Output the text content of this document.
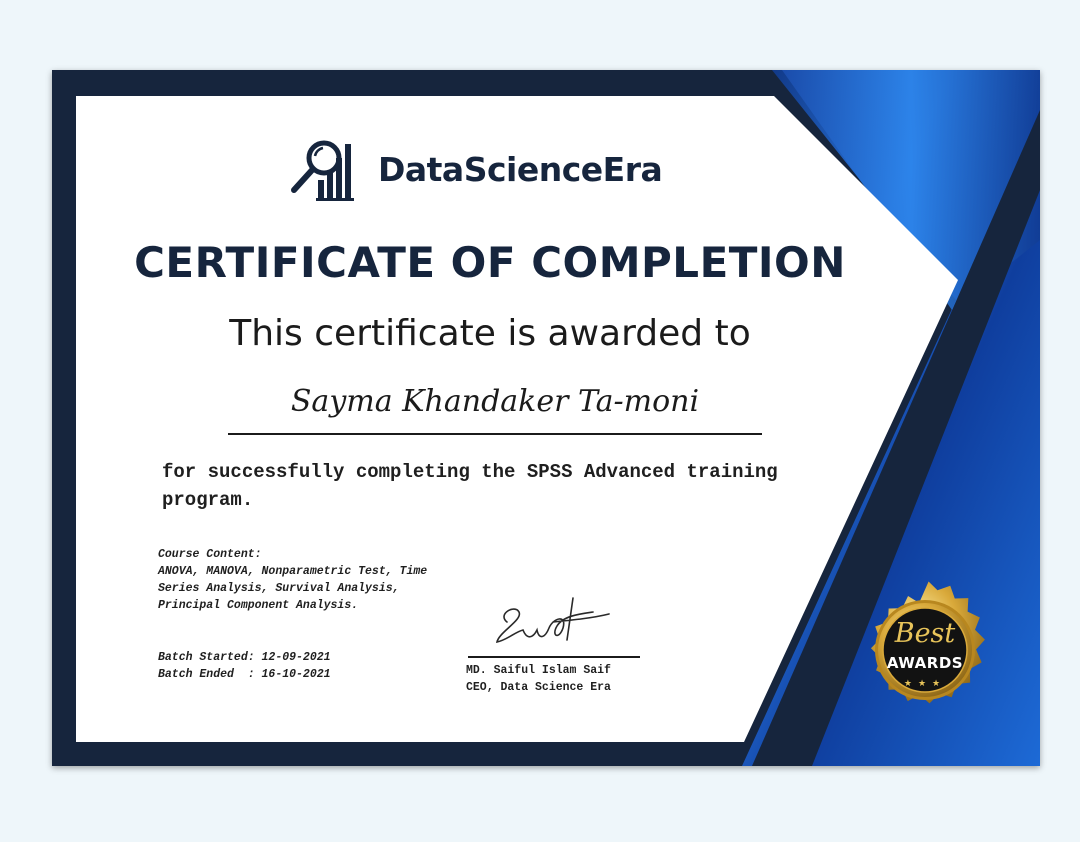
DataScienceEra
CERTIFICATE OF COMPLETION
This certificate is awarded to
Sayma Khandaker Ta-moni
for successfully completing the SPSS Advanced training program.
Course Content:
ANOVA, MANOVA, Nonparametric Test, Time Series Analysis, Survival Analysis, Principal Component Analysis.
Batch Started: 12-09-2021
Batch Ended  : 16-10-2021	MD. Saiful Islam Saif
CEO, Data Science Era
Best
AWARDS
★★★
